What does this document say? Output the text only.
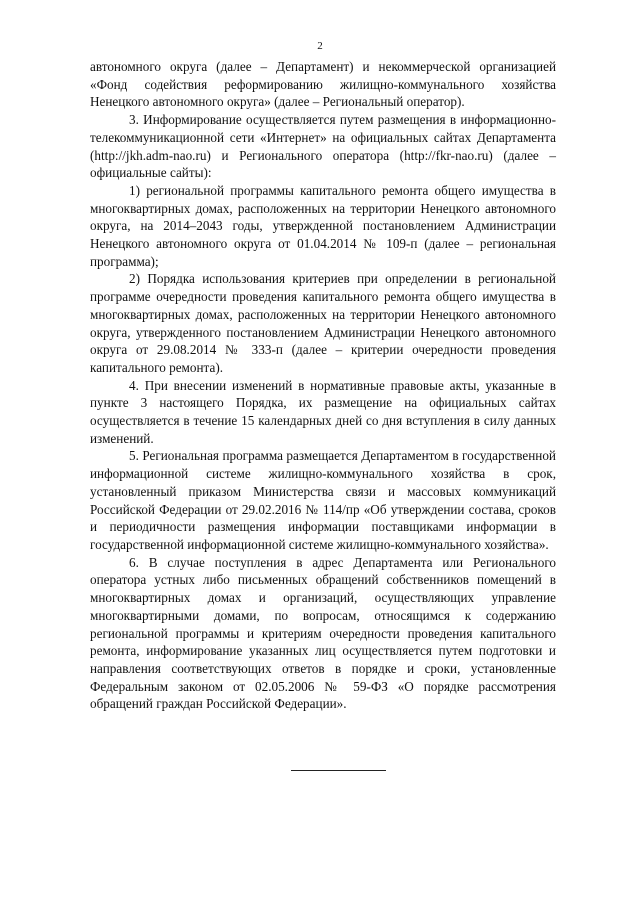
2

автономного округа (далее – Департамент) и некоммерческой организацией «Фонд содействия реформированию жилищно-коммунального хозяйства Ненецкого автономного округа» (далее – Региональный оператор).

3. Информирование осуществляется путем размещения в информационно-телекоммуникационной сети «Интернет» на официальных сайтах Департамента (http://jkh.adm-nao.ru) и Регионального оператора (http://fkr-nao.ru) (далее – официальные сайты):

1) региональной программы капитального ремонта общего имущества в многоквартирных домах, расположенных на территории Ненецкого автономного округа, на 2014–2043 годы, утвержденной постановлением Администрации Ненецкого автономного округа от 01.04.2014 № 109-п (далее – региональная программа);

2) Порядка использования критериев при определении в региональной программе очередности проведения капитального ремонта общего имущества в многоквартирных домах, расположенных на территории Ненецкого автономного округа, утвержденного постановлением Администрации Ненецкого автономного округа от 29.08.2014 № 333-п (далее – критерии очередности проведения капитального ремонта).

4. При внесении изменений в нормативные правовые акты, указанные в пункте 3 настоящего Порядка, их размещение на официальных сайтах осуществляется в течение 15 календарных дней со дня вступления в силу данных изменений.

5. Региональная программа размещается Департаментом в государственной информационной системе жилищно-коммунального хозяйства в срок, установленный приказом Министерства связи и массовых коммуникаций Российской Федерации от 29.02.2016 № 114/пр «Об утверждении состава, сроков и периодичности размещения информации поставщиками информации в государственной информационной системе жилищно-коммунального хозяйства».

6. В случае поступления в адрес Департамента или Регионального оператора устных либо письменных обращений собственников помещений в многоквартирных домах и организаций, осуществляющих управление многоквартирными домами, по вопросам, относящимся к содержанию региональной программы и критериям очередности проведения капитального ремонта, информирование указанных лиц осуществляется путем подготовки и направления соответствующих ответов в порядке и сроки, установленные Федеральным законом от 02.05.2006 № 59-ФЗ «О порядке рассмотрения обращений граждан Российской Федерации».
